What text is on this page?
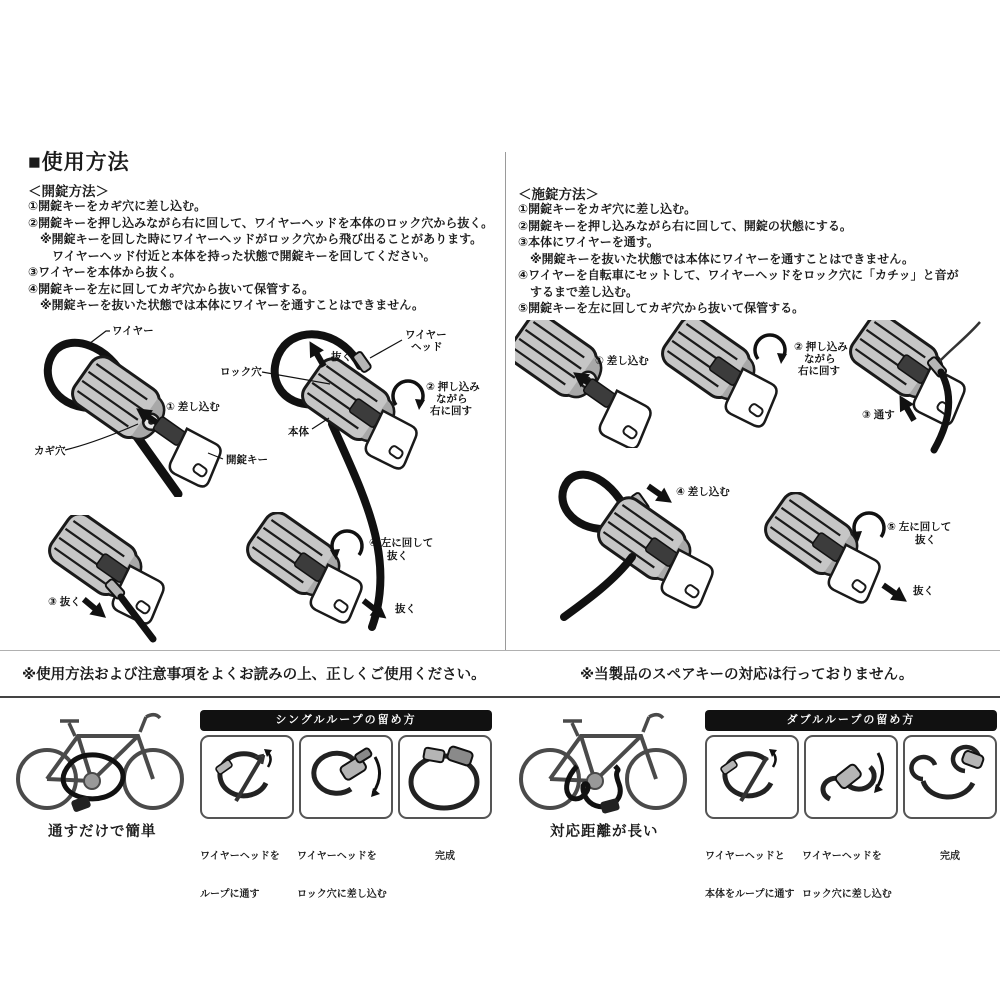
■使用方法
＜開錠方法＞
①開錠キーをカギ穴に差し込む。
②開錠キーを押し込みながら右に回して、ワイヤーヘッドを本体のロック穴から抜く。
　※開錠キーを回した時にワイヤーヘッドがロック穴から飛び出ることがあります。
　　ワイヤーヘッド付近と本体を持った状態で開錠キーを回してください。
③ワイヤーを本体から抜く。
④開錠キーを左に回してカギ穴から抜いて保管する。
　※開錠キーを抜いた状態では本体にワイヤーを通すことはできません。
＜施錠方法＞
①開錠キーをカギ穴に差し込む。
②開錠キーを押し込みながら右に回して、開錠の状態にする。
③本体にワイヤーを通す。
　※開錠キーを抜いた状態では本体にワイヤーを通すことはできません。
④ワイヤーを自転車にセットして、ワイヤーヘッドをロック穴に「カチッ」と音が
　するまで差し込む。
⑤開錠キーを左に回してカギ穴から抜いて保管する。
ワイヤー
カギ穴
開錠キー
① 差し込む
抜く
ロック穴
ワイヤー
ヘッド
本体
② 押し込み
ながら
右に回す
③ 抜く
④ 左に回して
抜く
抜く
① 差し込む
② 押し込み
ながら
右に回す
③ 通す
④ 差し込む
⑤ 左に回して
抜く
抜く
※使用方法および注意事項をよくお読みの上、正しくご使用ください。	※当製品のスペアキーの対応は行っておりません。
通すだけで簡単
シングルループの留め方

ワイヤーヘッドを

ループに通す

ワイヤーヘッドを

ロック穴に差し込む

完成

対応距離が長い
ダブルループの留め方

ワイヤーヘッドと

本体をループに通す

ワイヤーヘッドを

ロック穴に差し込む

完成
